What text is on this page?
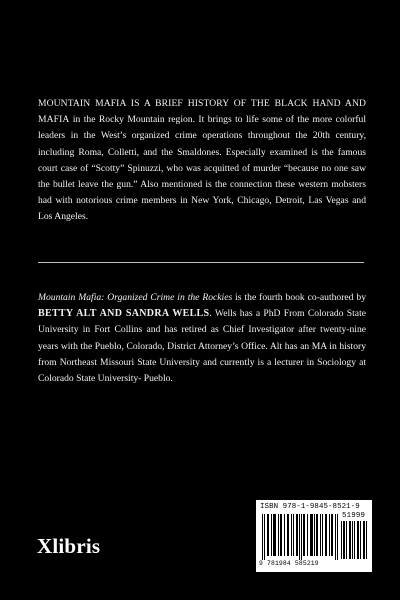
MOUNTAIN MAFIA IS A BRIEF HISTORY OF THE BLACK HAND AND MAFIA in the Rocky Mountain region. It brings to life some of the more colorful leaders in the West’s organized crime operations throughout the 20th century, including Roma, Colletti, and the Smaldones. Especially examined is the famous court case of “Scotty” Spinuzzi, who was acquitted of murder “because no one saw the bullet leave the gun.” Also mentioned is the connection these western mobsters had with notorious crime members in New York, Chicago, Detroit, Las Vegas and Los Angeles.

Mountain Mafia: Organized Crime in the Rockies is the fourth book co-authored by BETTY ALT AND SANDRA WELLS. Wells has a PhD From Colorado State University in Fort Collins and has retired as Chief Investigator after twenty-nine years with the Pueblo, Colorado, District Attorney’s Office. Alt has an MA in history from Northeast Missouri State University and currently is a lecturer in Sociology at Colorado State University- Pueblo.

Xlibris
ISBN 978-1-9845-8521-9
51999
9 781984 585219
